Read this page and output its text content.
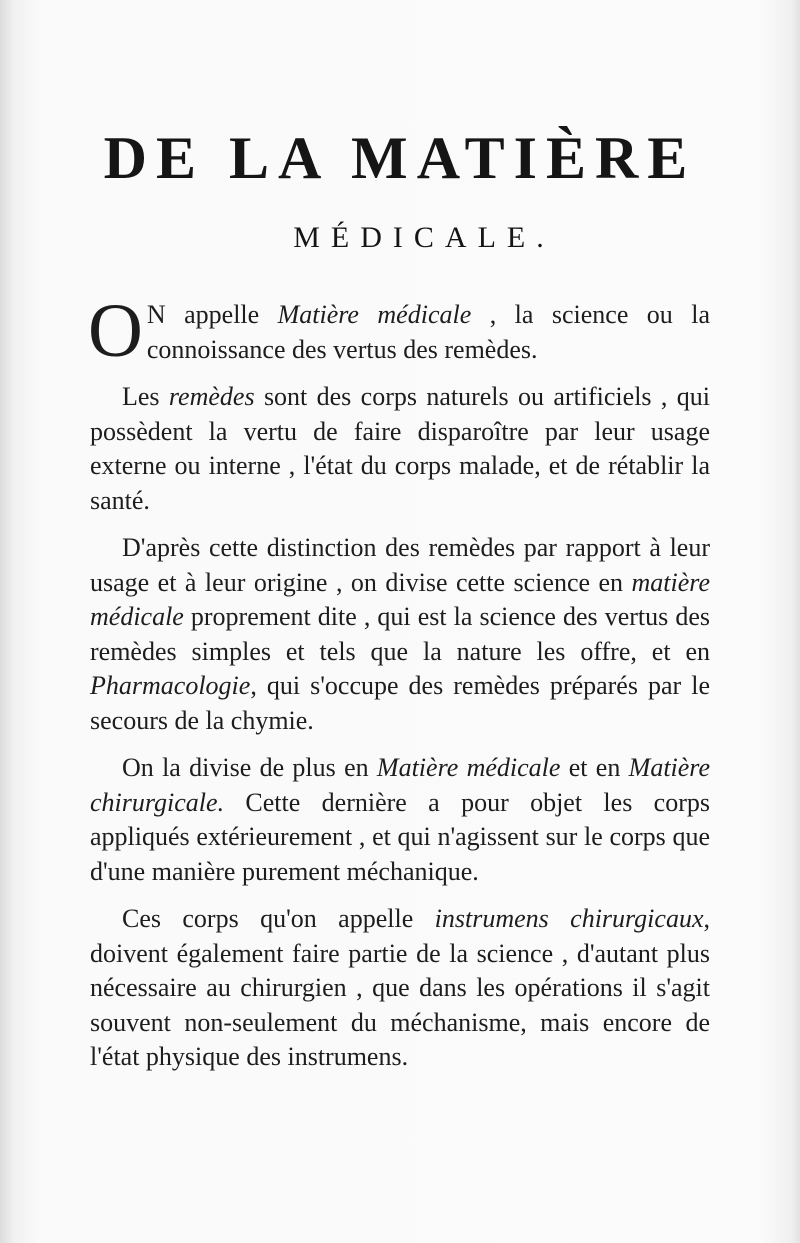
DE LA MATIÈRE
MÉDICALE.

O N appelle Matière médicale , la science ou la connoissance des vertus des remèdes.

Les remèdes sont des corps naturels ou artificiels , qui possèdent la vertu de faire disparoître par leur usage externe ou interne , l'état du corps malade, et de rétablir la santé.

D'après cette distinction des remèdes par rapport à leur usage et à leur origine , on divise cette science en matière médicale proprement dite , qui est la science des vertus des remèdes simples et tels que la nature les offre, et en Pharmacologie, qui s'occupe des remèdes préparés par le secours de la chymie.

On la divise de plus en Matière médicale et en Matière chirurgicale. Cette dernière a pour objet les corps appliqués extérieurement , et qui n'agissent sur le corps que d'une manière purement méchanique.

Ces corps qu'on appelle instrumens chirurgicaux, doivent également faire partie de la science , d'autant plus nécessaire au chirurgien , que dans les opérations il s'agit souvent non-seulement du méchanisme, mais encore de l'état physique des instrumens.
